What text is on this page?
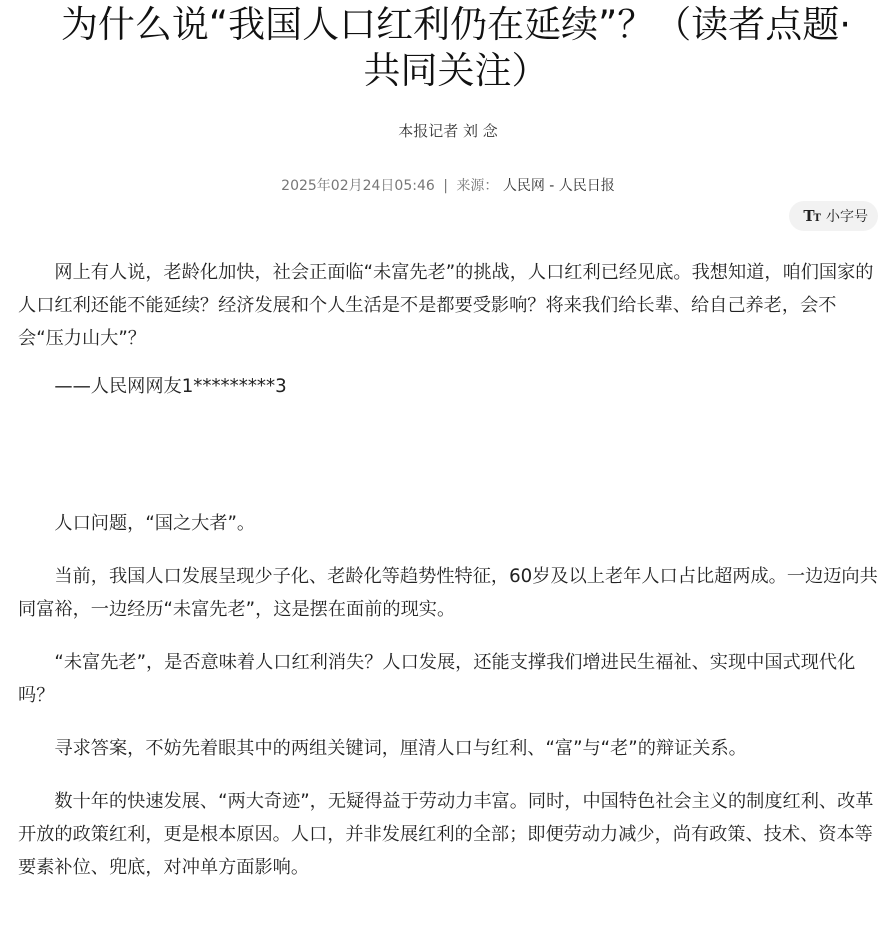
为什么说“我国人口红利仍在延续”？（读者点题·
共同关注）
本报记者 刘 念
2025年02月24日05:46 | 来源： 人民网 - 人民日报
TT 小字号

网上有人说，老龄化加快，社会正面临“未富先老”的挑战，人口红利已经见底。我想知道，咱们国家的人口红利还能不能延续？经济发展和个人生活是不是都要受影响？将来我们给长辈、给自己养老，会不会“压力山大”？

——人民网网友1*********3

人口问题，“国之大者”。

当前，我国人口发展呈现少子化、老龄化等趋势性特征，60岁及以上老年人口占比超两成。一边迈向共同富裕，一边经历“未富先老”，这是摆在面前的现实。

“未富先老”，是否意味着人口红利消失？人口发展，还能支撑我们增进民生福祉、实现中国式现代化吗？

寻求答案，不妨先着眼其中的两组关键词，厘清人口与红利、“富”与“老”的辩证关系。

数十年的快速发展、“两大奇迹”，无疑得益于劳动力丰富。同时，中国特色社会主义的制度红利、改革开放的政策红利，更是根本原因。人口，并非发展红利的全部；即便劳动力减少，尚有政策、技术、资本等要素补位、兜底，对冲单方面影响。
